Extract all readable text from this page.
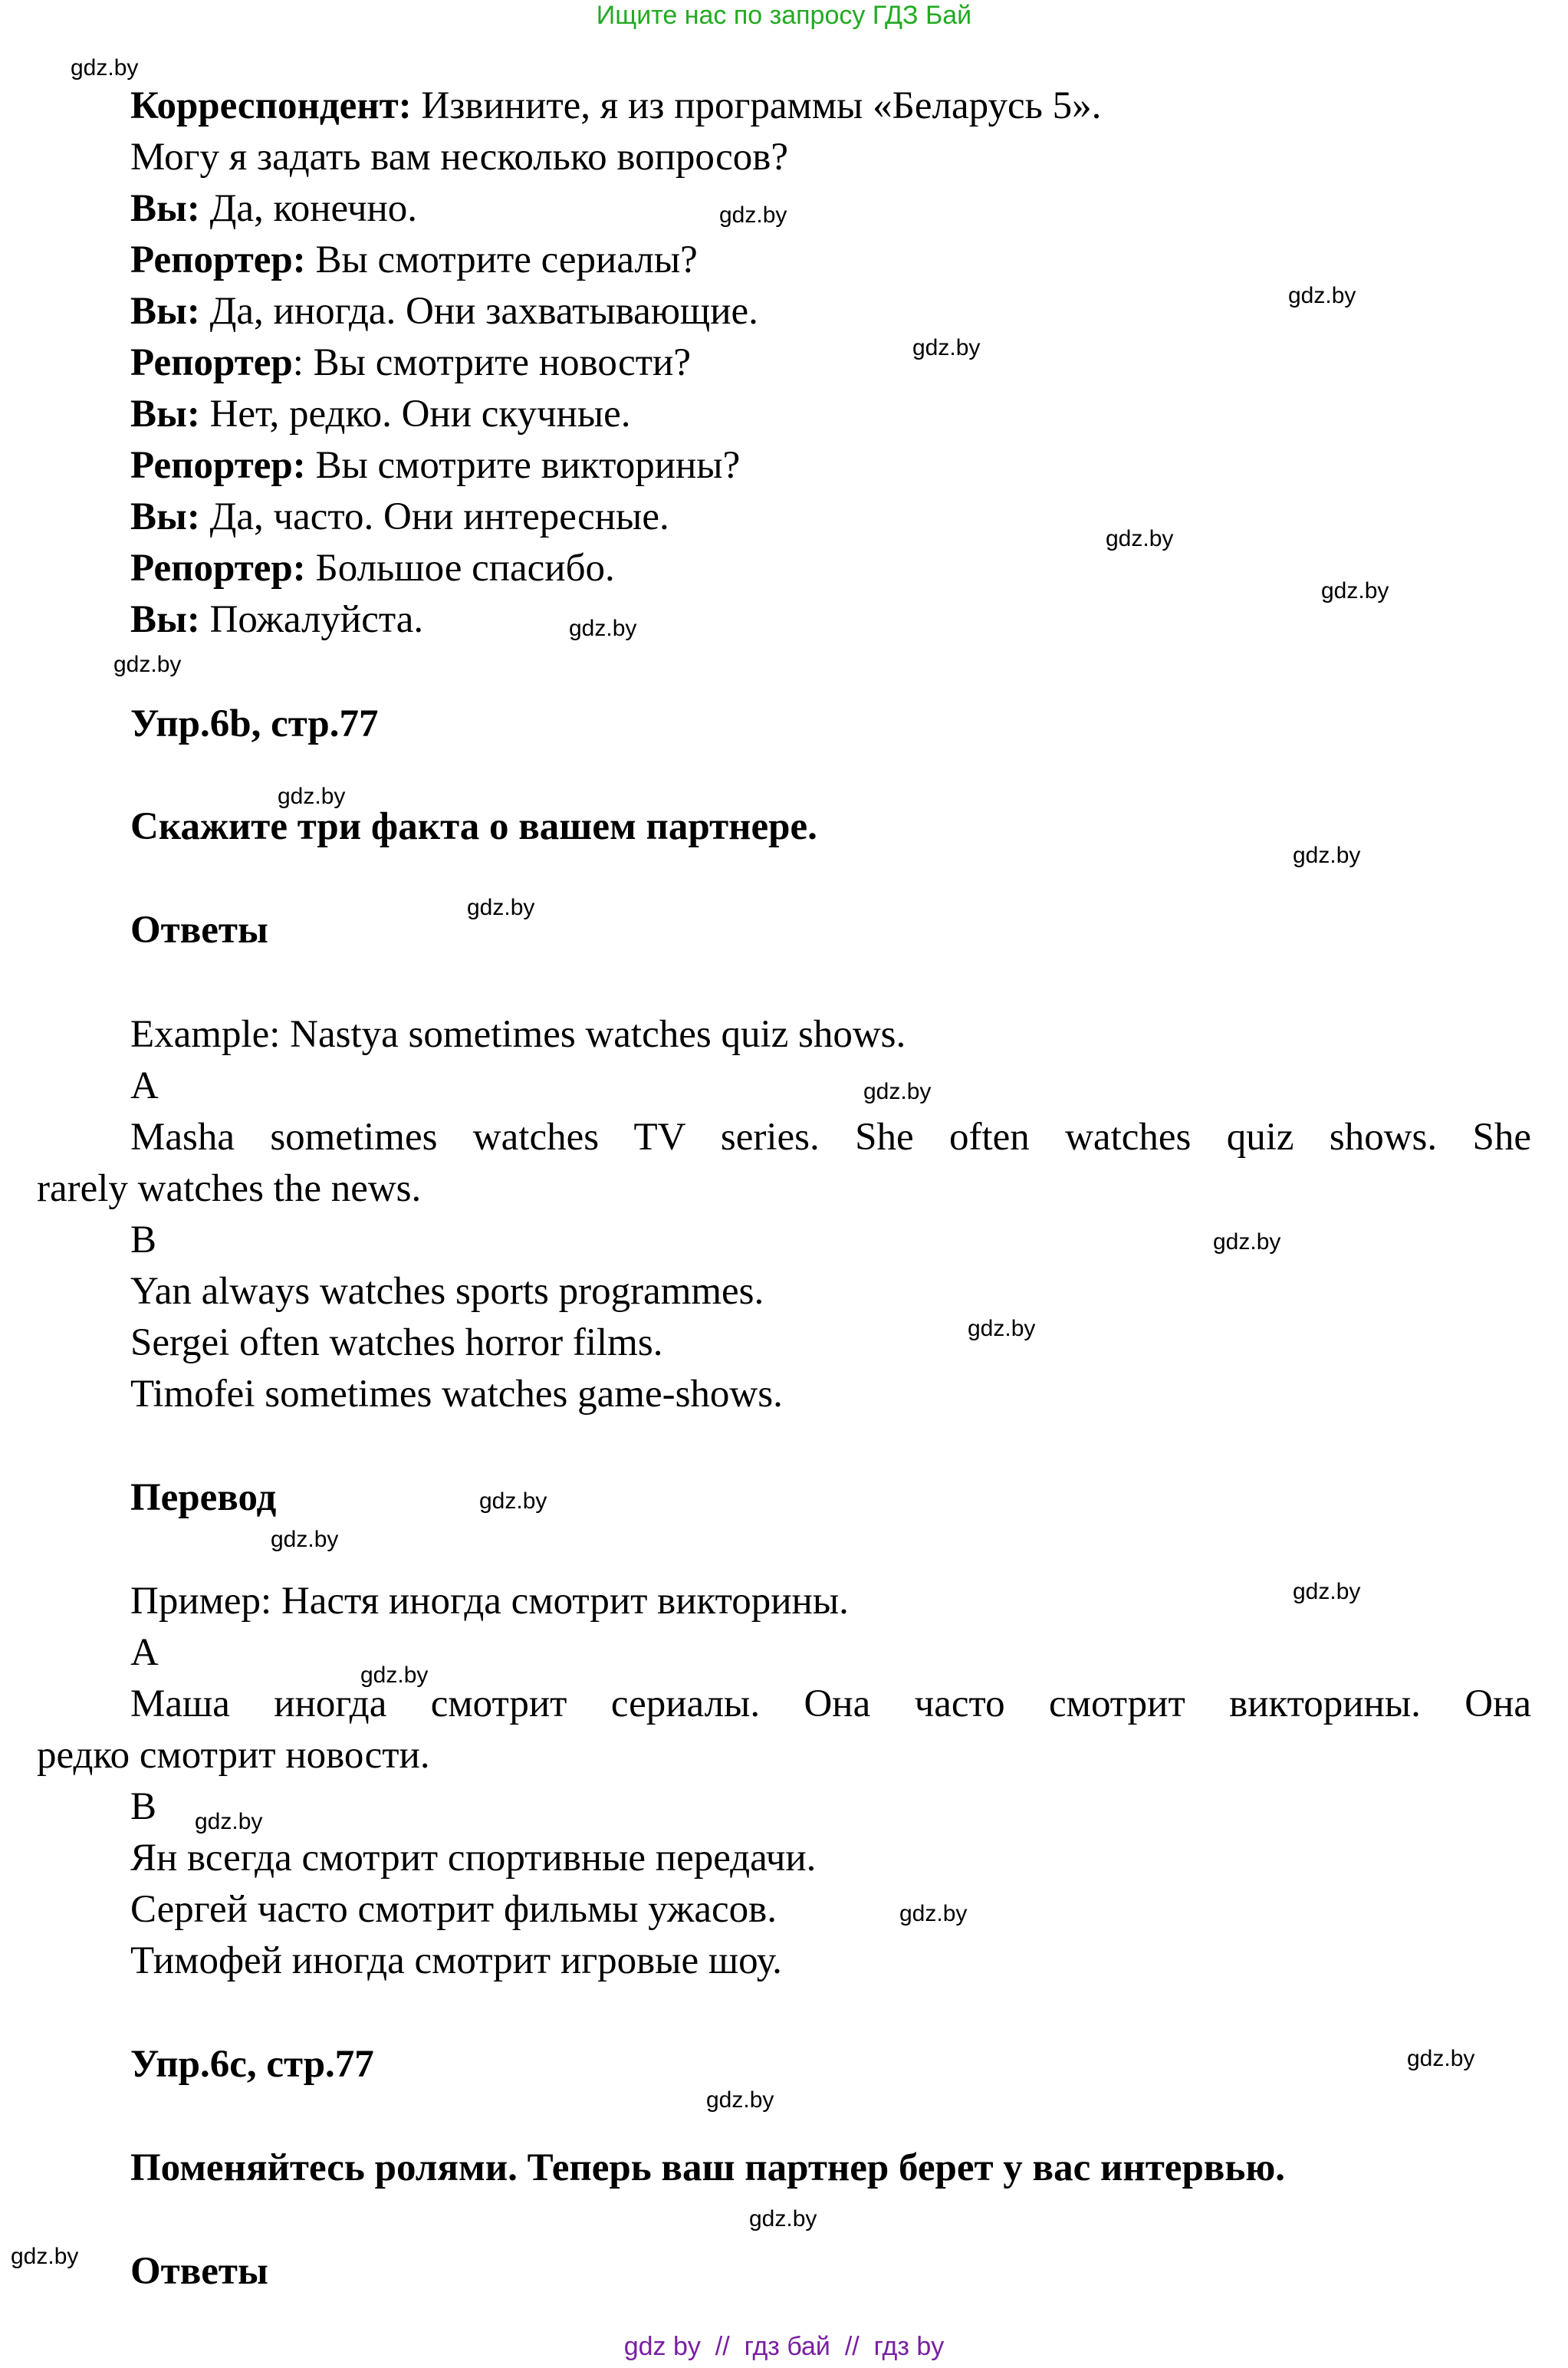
Ищите нас по запросу ГДЗ Бай
Корреспондент: Извините, я из программы «Беларусь 5».
Могу я задать вам несколько вопросов?
Вы: Да, конечно.
Репортер: Вы смотрите сериалы?
Вы: Да, иногда. Они захватывающие.
Репортер: Вы смотрите новости?
Вы: Нет, редко. Они скучные.
Репортер: Вы смотрите викторины?
Вы: Да, часто. Они интересные.
Репортер: Большое спасибо.
Вы: Пожалуйста.
Упр.6b, стр.77
Скажите три факта о вашем партнере.
Ответы
Example: Nastya sometimes watches quiz shows.
A
Masha sometimes watches TV series. She often watches quiz shows. She
rarely watches the news.
B
Yan always watches sports programmes.
Sergei often watches horror films.
Timofei sometimes watches game-shows.
Перевод
Пример: Настя иногда смотрит викторины.
А
Маша иногда смотрит сериалы. Она часто смотрит викторины. Она
редко смотрит новости.
В
Ян всегда смотрит спортивные передачи.
Сергей часто смотрит фильмы ужасов.
Тимофей иногда смотрит игровые шоу.
Упр.6c, стр.77
Поменяйтесь ролями. Теперь ваш партнер берет у вас интервью.
Ответы
gdz.by
gdz.by
gdz.by
gdz.by
gdz.by
gdz.by
gdz.by
gdz.by
gdz.by
gdz.by
gdz.by
gdz.by
gdz.by
gdz.by
gdz.by
gdz.by
gdz.by
gdz.by
gdz.by
gdz.by
gdz.by
gdz.by
gdz.by
gdz.by
gdz by  //  гдз бай  //  гдз by
